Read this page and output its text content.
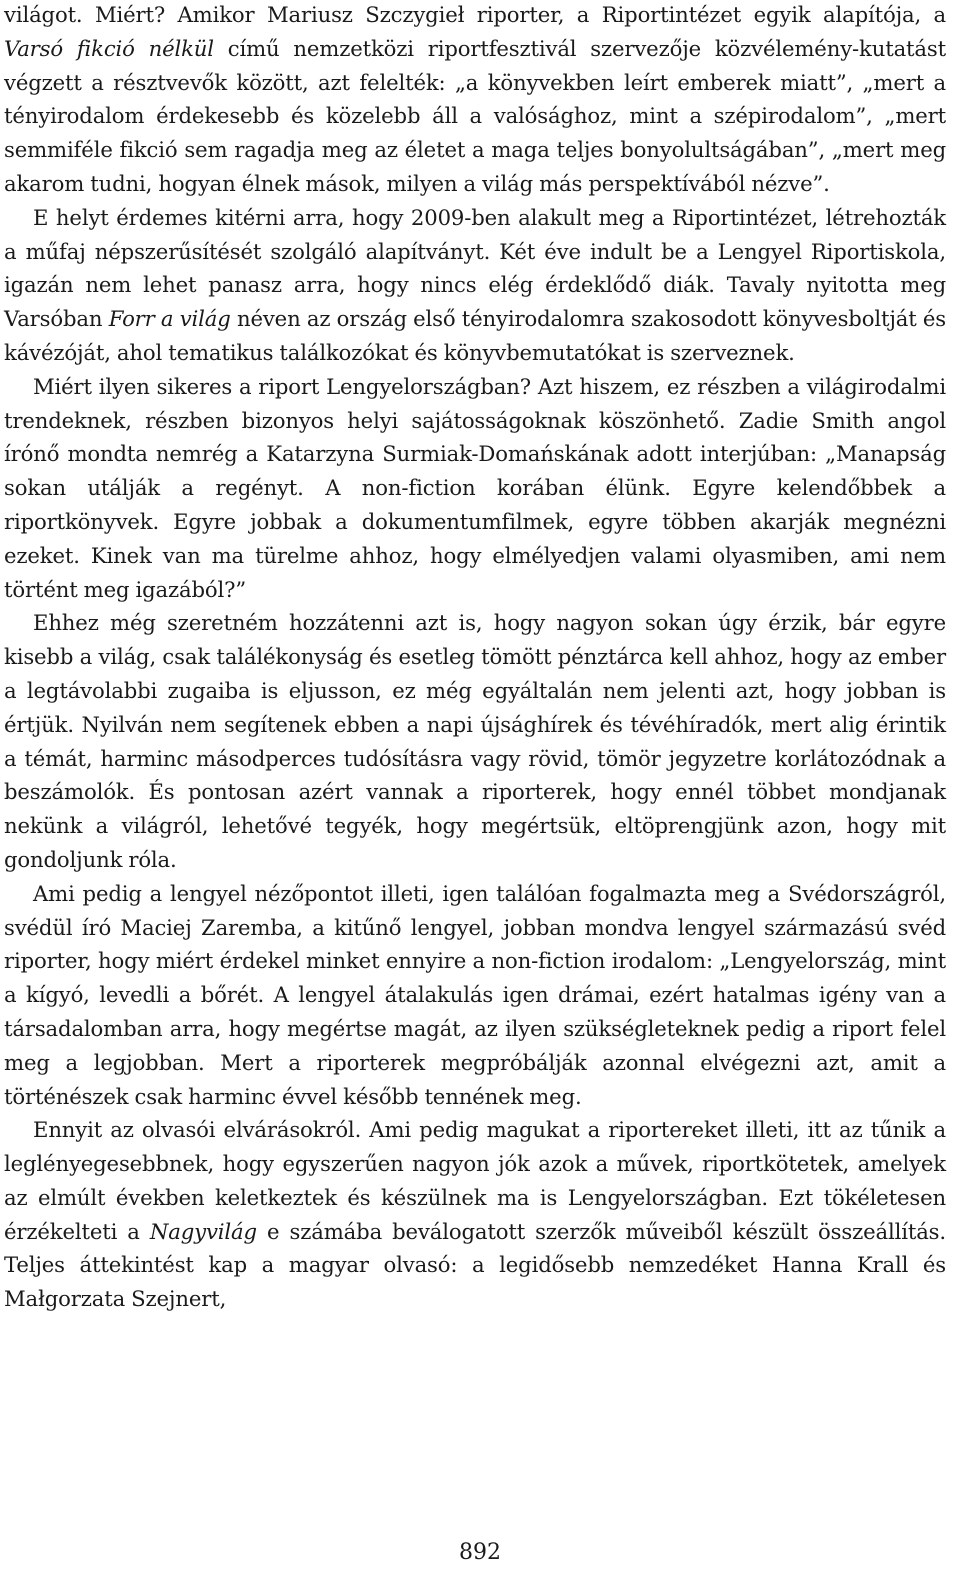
világot. Miért? Amikor Mariusz Szczygieł riporter, a Riportintézet egyik alapítója, a Varsó fikció nélkül című nemzetközi riportfesztivál szervezője közvélemény-kutatást végzett a résztvevők között, azt felelték: „a könyvekben leírt emberek miatt”, „mert a tényirodalom érdekesebb és közelebb áll a valósághoz, mint a szépirodalom”, „mert semmiféle fikció sem ragadja meg az életet a maga teljes bonyolultságában”, „mert meg akarom tudni, hogyan élnek mások, milyen a világ más perspektívából nézve”.

E helyt érdemes kitérni arra, hogy 2009-ben alakult meg a Riportintézet, létrehozták a műfaj népszerűsítését szolgáló alapítványt. Két éve indult be a Lengyel Riportiskola, igazán nem lehet panasz arra, hogy nincs elég érdeklődő diák. Tavaly nyitotta meg Varsóban Forr a világ néven az ország első tényirodalomra szakosodott könyvesboltját és kávézóját, ahol tematikus találkozókat és könyvbemutatókat is szerveznek.

Miért ilyen sikeres a riport Lengyelországban? Azt hiszem, ez részben a világirodalmi trendeknek, részben bizonyos helyi sajátosságoknak köszönhető. Zadie Smith angol írónő mondta nemrég a Katarzyna Surmiak-Domańskának adott interjúban: „Manapság sokan utálják a regényt. A non-fiction korában élünk. Egyre kelendőbbek a riportkönyvek. Egyre jobbak a dokumentumfilmek, egyre többen akarják megnézni ezeket. Kinek van ma türelme ahhoz, hogy elmélyedjen valami olyasmiben, ami nem történt meg igazából?”

Ehhez még szeretném hozzátenni azt is, hogy nagyon sokan úgy érzik, bár egyre kisebb a világ, csak találékonyság és esetleg tömött pénztárca kell ahhoz, hogy az ember a legtávolabbi zugaiba is eljusson, ez még egyáltalán nem jelenti azt, hogy jobban is értjük. Nyilván nem segítenek ebben a napi újsághírek és tévéhíradók, mert alig érintik a témát, harminc másodperces tudósításra vagy rövid, tömör jegyzetre korlátozódnak a beszámolók. És pontosan azért vannak a riporterek, hogy ennél többet mondjanak nekünk a világról, lehetővé tegyék, hogy megértsük, eltöprengjünk azon, hogy mit gondoljunk róla.

Ami pedig a lengyel nézőpontot illeti, igen találóan fogalmazta meg a Svédországról, svédül író Maciej Zaremba, a kitűnő lengyel, jobban mondva lengyel származású svéd riporter, hogy miért érdekel minket ennyire a non-fiction irodalom: „Lengyelország, mint a kígyó, levedli a bőrét. A lengyel átalakulás igen drámai, ezért hatalmas igény van a társadalomban arra, hogy megértse magát, az ilyen szükségleteknek pedig a riport felel meg a legjobban. Mert a riporterek megpróbálják azonnal elvégezni azt, amit a történészek csak harminc évvel később tennének meg.

Ennyit az olvasói elvárásokról. Ami pedig magukat a riportereket illeti, itt az tűnik a leglényegesebbnek, hogy egyszerűen nagyon jók azok a művek, riportkötetek, amelyek az elmúlt években keletkeztek és készülnek ma is Lengyelországban. Ezt tökéletesen érzékelteti a Nagyvilág e számába beválogatott szerzők műveiből készült összeállítás. Teljes áttekintést kap a magyar olvasó: a legidősebb nemzedéket Hanna Krall és Małgorzata Szejnert,

892
